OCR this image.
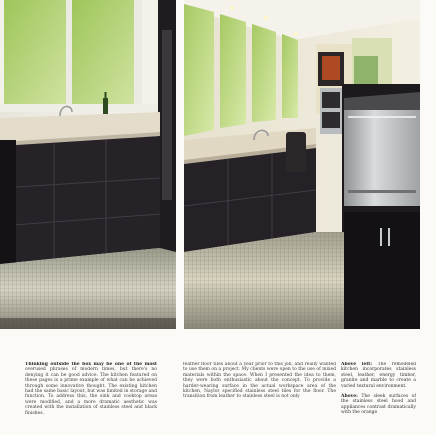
Thinking outside the box may be one of the most overused phrases of modern times, but there's no denying it can be good advice. The kitchen featured on these pages is a prime example of what can be achieved through some innovative thought. The existing kitchen had the same basic layout, but was limited in storage and function. To address this, the sink and cooktop areas were modified, and a more dramatic aesthetic was created with the installation of stainless steel and black finishes.

feather floor tiles about a year prior to this job, and really wanted to use them on a project. My clients were open to the use of mixed materials within the space. When I presented the idea to them, they were both enthusiastic about the concept. To provide a harder-wearing surface in the actual workspace area of the kitchen, Naylor specified stainless steel tiles for the floor. The transition from leather to stainless steel is not only

Above left: The remodeled kitchen incorporates stainless steel, leather, energy timber, granite and marble to create a varied textural environment.
Above: The sleek surfaces of the stainless steel hood and appliances contrast dramatically with the orange
